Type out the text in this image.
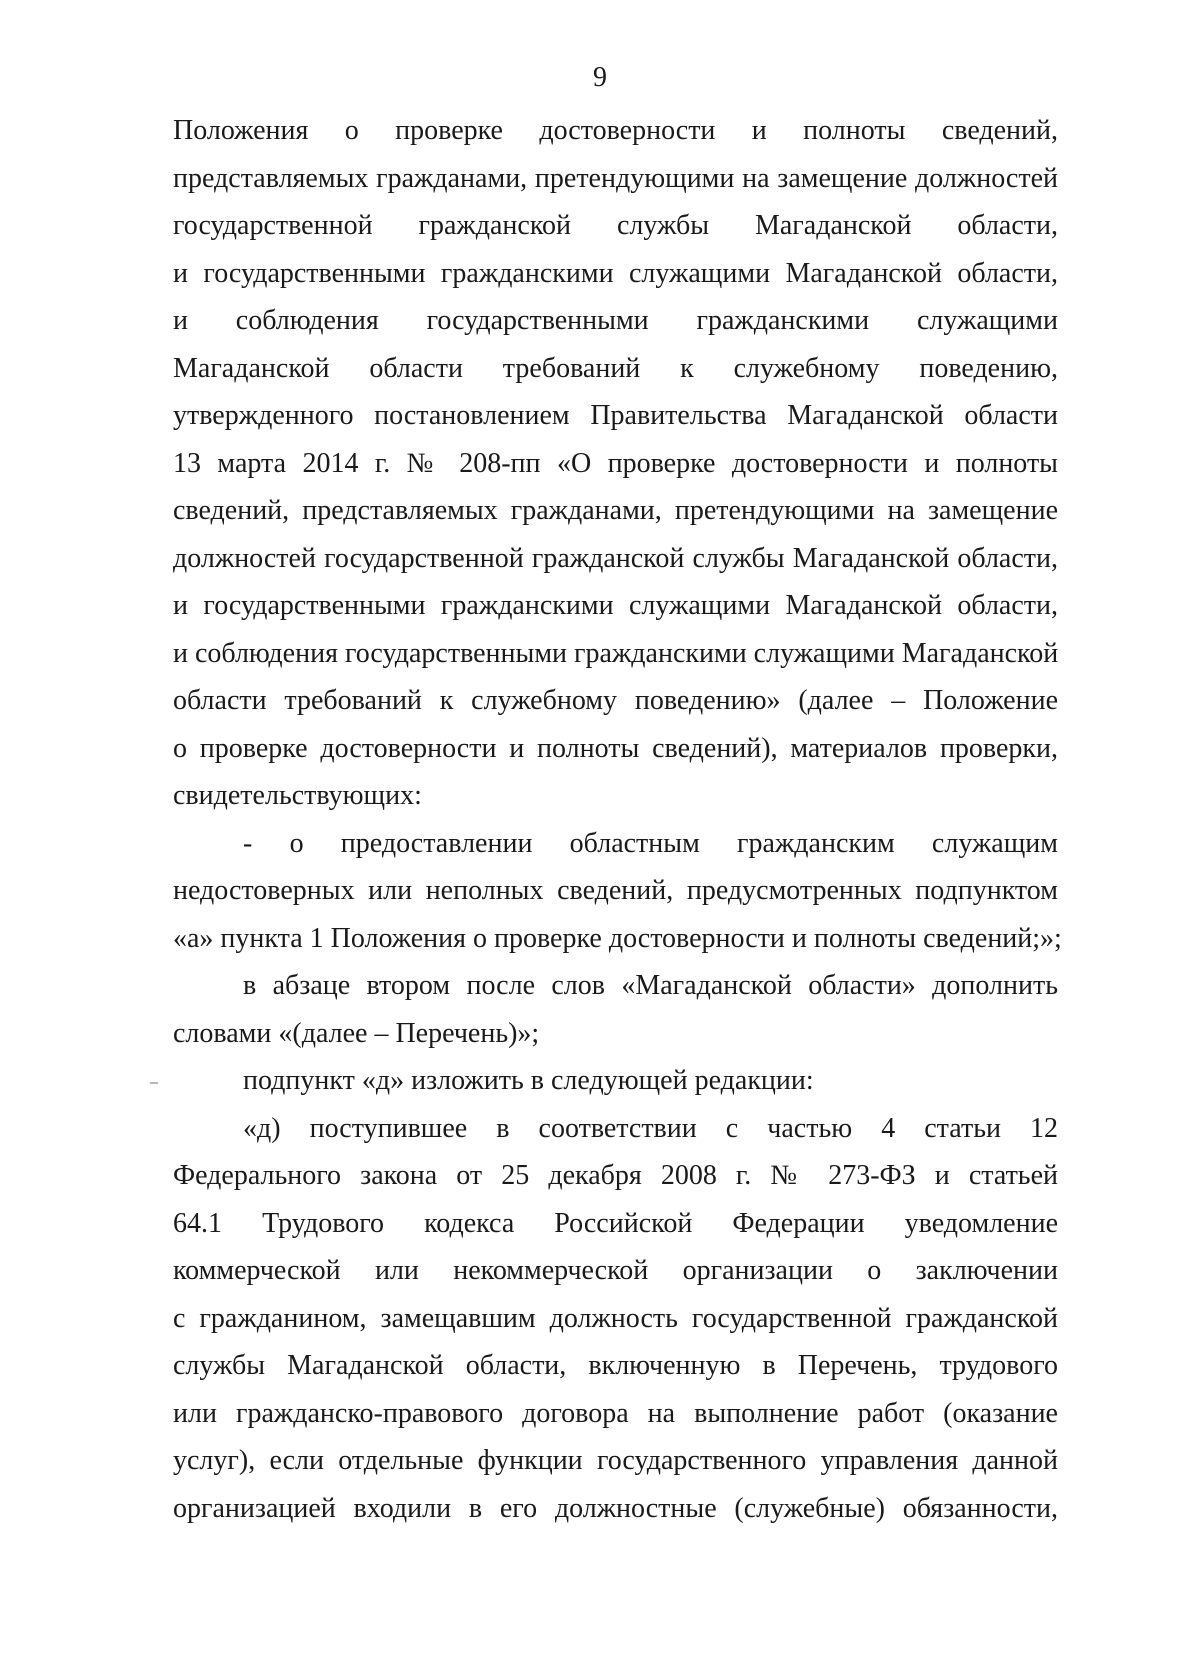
9
Положения о проверке достоверности и полноты сведений,
представляемых гражданами, претендующими на замещение должностей
государственной гражданской службы Магаданской области,
и государственными гражданскими служащими Магаданской области,
и соблюдения государственными гражданскими служащими
Магаданской области требований к служебному поведению,
утвержденного постановлением Правительства Магаданской области
13 марта 2014 г. № 208-пп «О проверке достоверности и полноты
сведений, представляемых гражданами, претендующими на замещение
должностей государственной гражданской службы Магаданской области,
и государственными гражданскими служащими Магаданской области,
и соблюдения государственными гражданскими служащими Магаданской
области требований к служебному поведению» (далее – Положение
о проверке достоверности и полноты сведений), материалов проверки,
свидетельствующих:
- о предоставлении областным гражданским служащим
недостоверных или неполных сведений, предусмотренных подпунктом
«а» пункта 1 Положения о проверке достоверности и полноты сведений;»;
в абзаце втором после слов «Магаданской области» дополнить
словами «(далее – Перечень)»;
подпункт «д» изложить в следующей редакции:
«д) поступившее в соответствии с частью 4 статьи 12
Федерального закона от 25 декабря 2008 г. № 273-ФЗ и статьей
64.1 Трудового кодекса Российской Федерации уведомление
коммерческой или некоммерческой организации о заключении
с гражданином, замещавшим должность государственной гражданской
службы Магаданской области, включенную в Перечень, трудового
или гражданско-правового договора на выполнение работ (оказание
услуг), если отдельные функции государственного управления данной
организацией входили в его должностные (служебные) обязанности,
